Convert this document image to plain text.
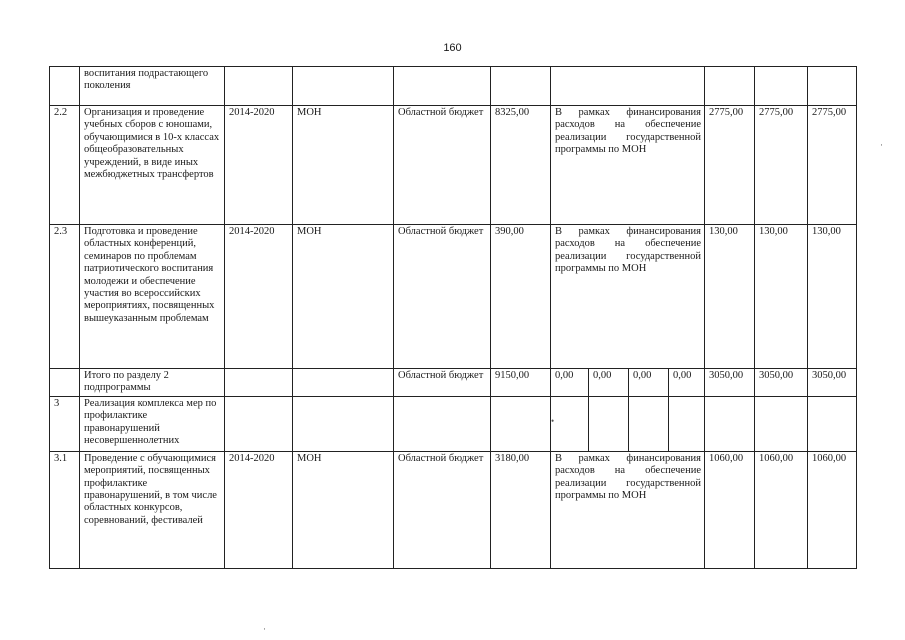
160
	воспитания подрастающего поколения											
2.2	Организация и проведение учебных сборов с юношами, обучающимися в 10-х классах общеобразовательных учреждений, в виде иных межбюджетных трансфертов	2014-2020	МОН	Областной бюджет	8325,00	В рамках финансирования расходов на обеспечение реализации государственной программы по МОН				2775,00	2775,00	2775,00
2.3	Подготовка и проведение областных конференций, семинаров по проблемам патриотического воспитания молодежи и обеспечение участия во всероссийских мероприятиях, посвященных вышеуказанным проблемам	2014-2020	МОН	Областной бюджет	390,00	В рамках финансирования расходов на обеспечение реализации государственной программы по МОН				130,00	130,00	130,00
	Итого по разделу 2 подпрограммы			Областной бюджет	9150,00	0,00	0,00	0,00	0,00	3050,00	3050,00	3050,00
3	Реализация комплекса мер по профилактике правонарушений несовершеннолетних											
3.1	Проведение с обучающимися мероприятий, посвященных профилактике правонарушений, в том числе областных конкурсов, соревнований, фестивалей	2014-2020	МОН	Областной бюджет	3180,00	В рамках финансирования расходов на обеспечение реализации государственной программы по МОН				1060,00	1060,00	1060,00
•
·
·
